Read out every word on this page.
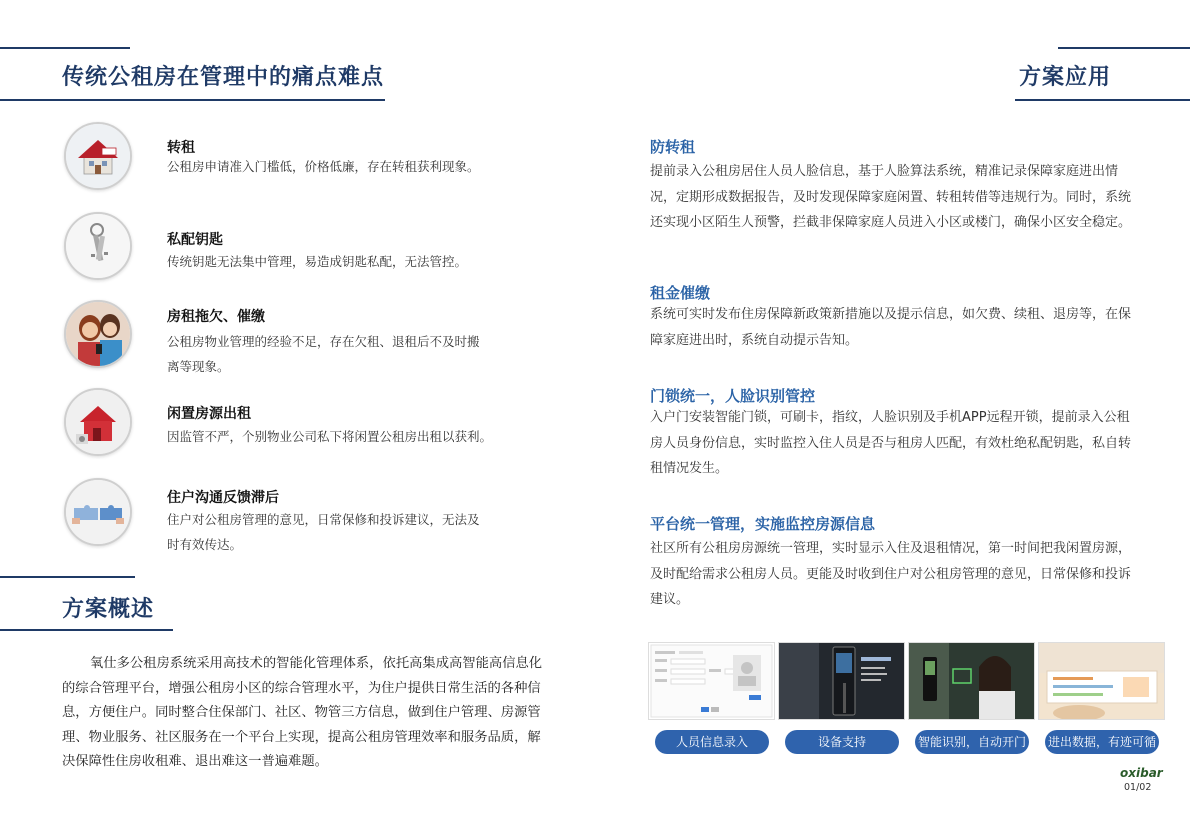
传统公租房在管理中的痛点难点
转租
公租房申请准入门槛低，价格低廉，存在转租获利现象。
私配钥匙
传统钥匙无法集中管理，易造成钥匙私配，无法管控。
房租拖欠、催缴
公租房物业管理的经验不足，存在欠租、退租后不及时搬
离等现象。
闲置房源出租
因监管不严，个别物业公司私下将闲置公租房出租以获利。
住户沟通反馈滞后
住户对公租房管理的意见，日常保修和投诉建议，无法及
时有效传达。
方案概述

氧仕多公租房系统采用高技术的智能化管理体系，依托高集成高智能高信息化的综合管理平台，增强公租房小区的综合管理水平，为住户提供日常生活的各种信息，方便住户。同时整合住保部门、社区、物管三方信息，做到住户管理、房源管理、物业服务、社区服务在一个平台上实现，提高公租房管理效率和服务品质，解决保障性住房收租难、退出难这一普遍难题。

方案应用
防转租
提前录入公租房居住人员人脸信息，基于人脸算法系统，精准记录保障家庭进出情况，定期形成数据报告，及时发现保障家庭闲置、转租转借等违规行为。同时，系统还实现小区陌生人预警，拦截非保障家庭人员进入小区或楼门，确保小区安全稳定。
租金催缴
系统可实时发布住房保障新政策新措施以及提示信息，如欠费、续租、退房等，在保障家庭进出时，系统自动提示告知。
门锁统一，人脸识别管控
入户门安装智能门锁，可刷卡，指纹，人脸识别及手机APP远程开锁，提前录入公租房人员身份信息，实时监控入住人员是否与租房人匹配，有效杜绝私配钥匙，私自转租情况发生。
平台统一管理，实施监控房源信息
社区所有公租房房源统一管理，实时显示入住及退租情况，第一时间把我闲置房源，及时配给需求公租房人员。更能及时收到住户对公租房管理的意见，日常保修和投诉建议。
人员信息录入	设备支持	智能识别，自动开门 进出数据，有迹可循
oxibar
01/02
